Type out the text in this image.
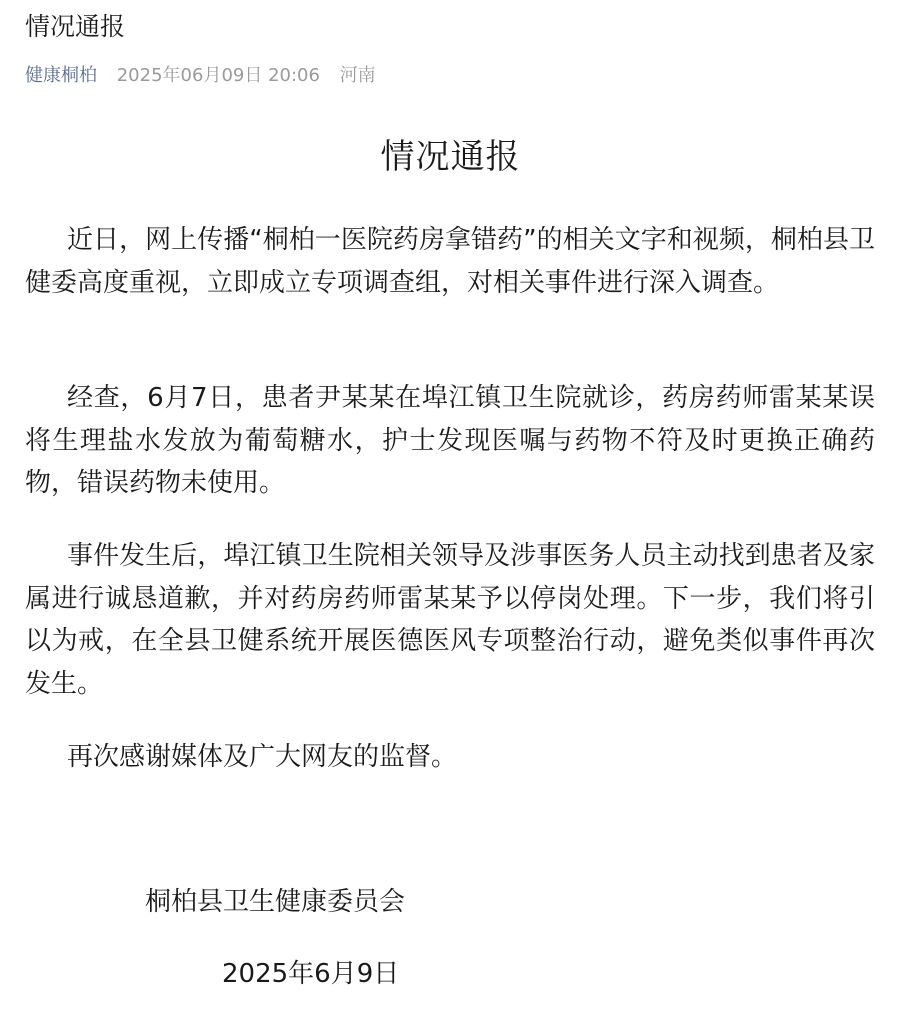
情况通报
健康桐柏 2025年06月09日 20:06 河南
情况通报

近日，网上传播“桐柏一医院药房拿错药”的相关文字和视频，桐柏县卫健委高度重视，立即成立专项调查组，对相关事件进行深入调查。

经查，6月7日，患者尹某某在埠江镇卫生院就诊，药房药师雷某某误将生理盐水发放为葡萄糖水，护士发现医嘱与药物不符及时更换正确药物，错误药物未使用。

事件发生后，埠江镇卫生院相关领导及涉事医务人员主动找到患者及家属进行诚恳道歉，并对药房药师雷某某予以停岗处理。下一步，我们将引以为戒，在全县卫健系统开展医德医风专项整治行动，避免类似事件再次发生。

再次感谢媒体及广大网友的监督。

桐柏县卫生健康委员会
2025年6月9日
